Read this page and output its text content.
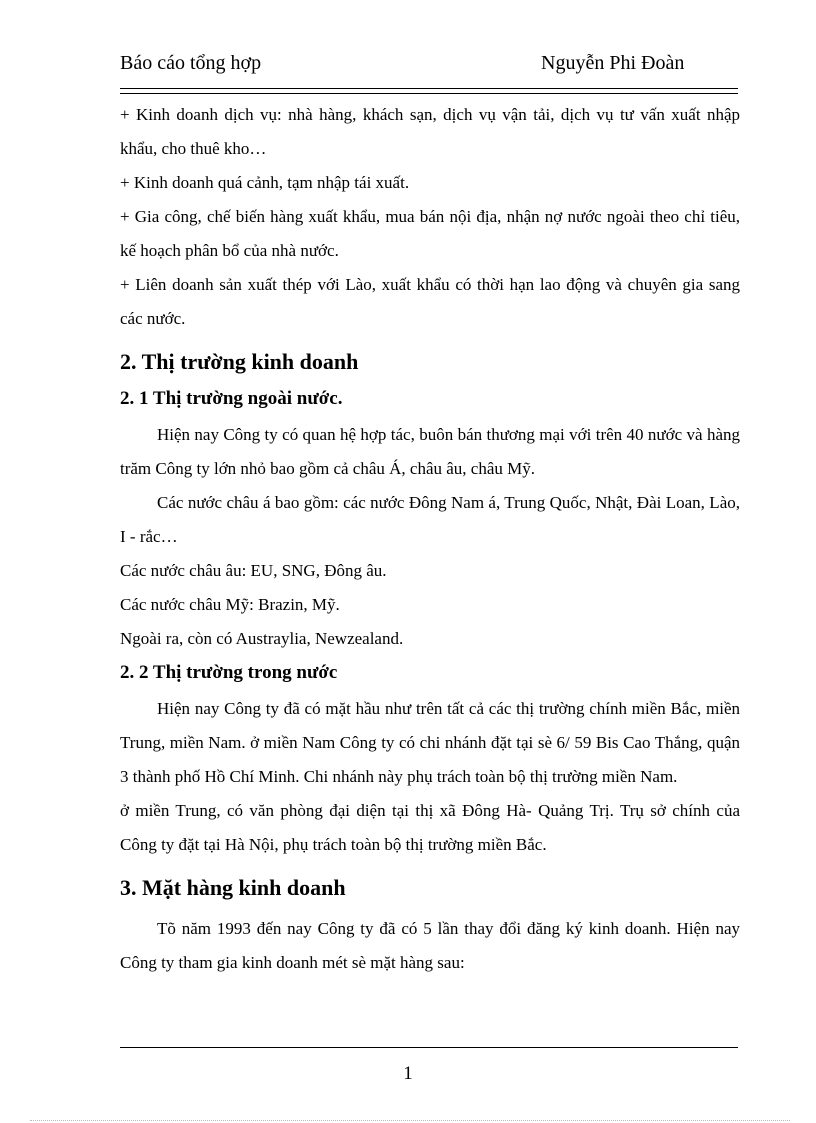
Báo cáo tổng hợp	Nguyễn Phi Đoàn

+ Kinh doanh dịch vụ: nhà hàng, khách sạn, dịch vụ vận tải, dịch vụ tư vấn xuất nhập khẩu, cho thuê kho…

+ Kinh doanh quá cảnh, tạm nhập tái xuất.

+ Gia công, chế biến hàng xuất khẩu, mua bán nội địa, nhận nợ nước ngoài theo chỉ tiêu, kế hoạch phân bổ của nhà nước.

+ Liên doanh sản xuất thép với Lào, xuất khẩu có thời hạn lao động và chuyên gia sang các nước.

2. Thị trường kinh doanh
2. 1 Thị trường ngoài nước.

Hiện nay Công ty có quan hệ hợp tác, buôn bán thương mại với trên 40 nước và hàng trăm Công ty lớn nhỏ bao gồm cả châu Á, châu âu, châu Mỹ.

Các nước châu á bao gồm: các nước Đông Nam á, Trung Quốc, Nhật, Đài Loan, Lào, I - rắc…

Các nước châu âu: EU, SNG, Đông âu.

Các nước châu Mỹ: Brazin, Mỹ.

Ngoài ra, còn có Austraylia, Newzealand.

2. 2 Thị trường trong nước

Hiện nay Công ty đã có mặt hầu như trên tất cả các thị trường chính miền Bắc, miền Trung, miền Nam. ở miền Nam Công ty có chi nhánh đặt tại sè 6/ 59 Bis Cao Thắng, quận 3 thành phố Hồ Chí Minh. Chi nhánh này phụ trách toàn bộ thị trường miền Nam.

ở miền Trung, có văn phòng đại diện tại thị xã Đông Hà- Quảng Trị. Trụ sở chính của Công ty đặt tại Hà Nội, phụ trách toàn bộ thị trường miền Bắc.

3. Mặt hàng kinh doanh

Tõ năm 1993 đến nay Công ty đã có 5 lần thay đổi đăng ký kinh doanh. Hiện nay Công ty tham gia kinh doanh mét sè mặt hàng sau:

1
